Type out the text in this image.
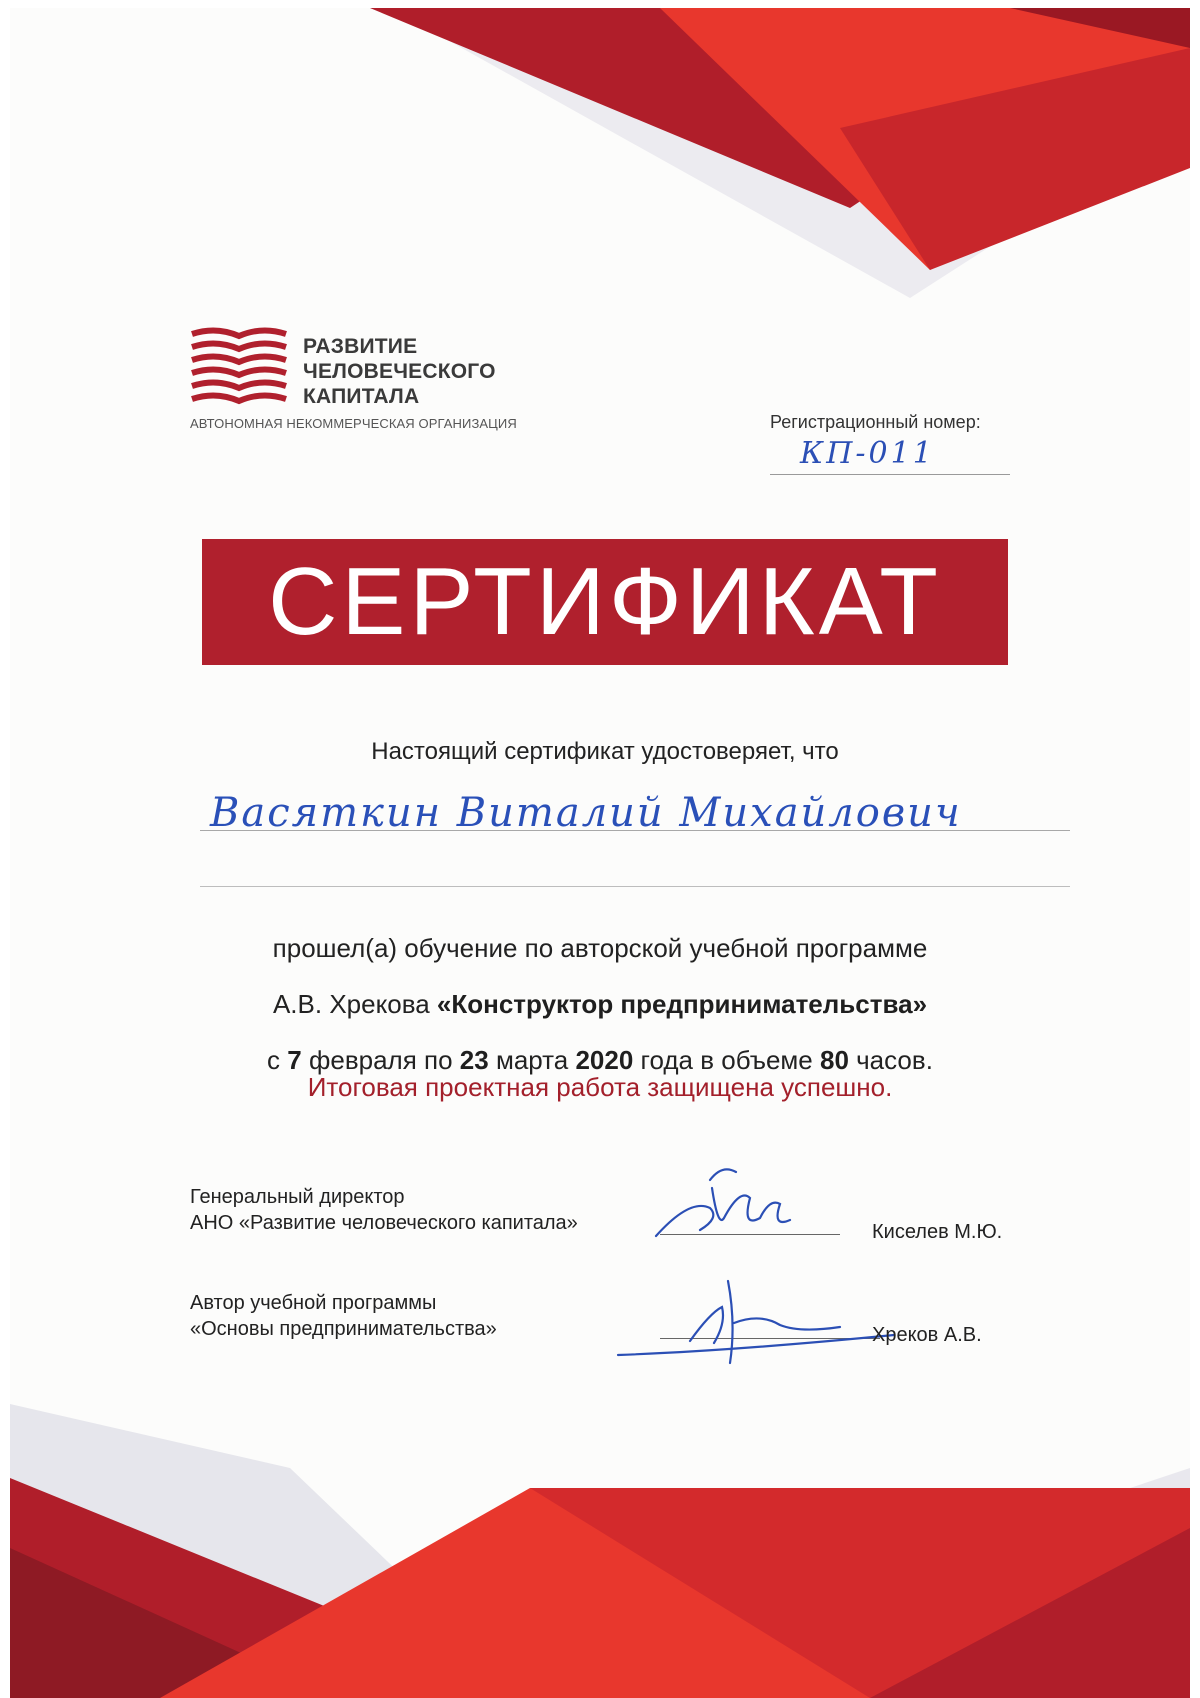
РАЗВИТИЕ
ЧЕЛОВЕЧЕСКОГО
КАПИТАЛА
АВТОНОМНАЯ НЕКОММЕРЧЕСКАЯ ОРГАНИЗАЦИЯ	Регистрационный номер:
КП-011
СЕРТИФИКАТ
Настоящий сертификат удостоверяет, что
Васяткин Виталий Михайлович
прошел(а) обучение по авторской учебной программе
А.В. Хрекова «Конструктор предпринимательства»
с 7 февраля по 23 марта 2020 года в объеме 80 часов.
Итоговая проектная работа защищена успешно.
Генеральный директор
АНО «Развитие человеческого капитала»	Киселев М.Ю.
Автор учебной программы
«Основы предпринимательства»	Хреков А.В.
